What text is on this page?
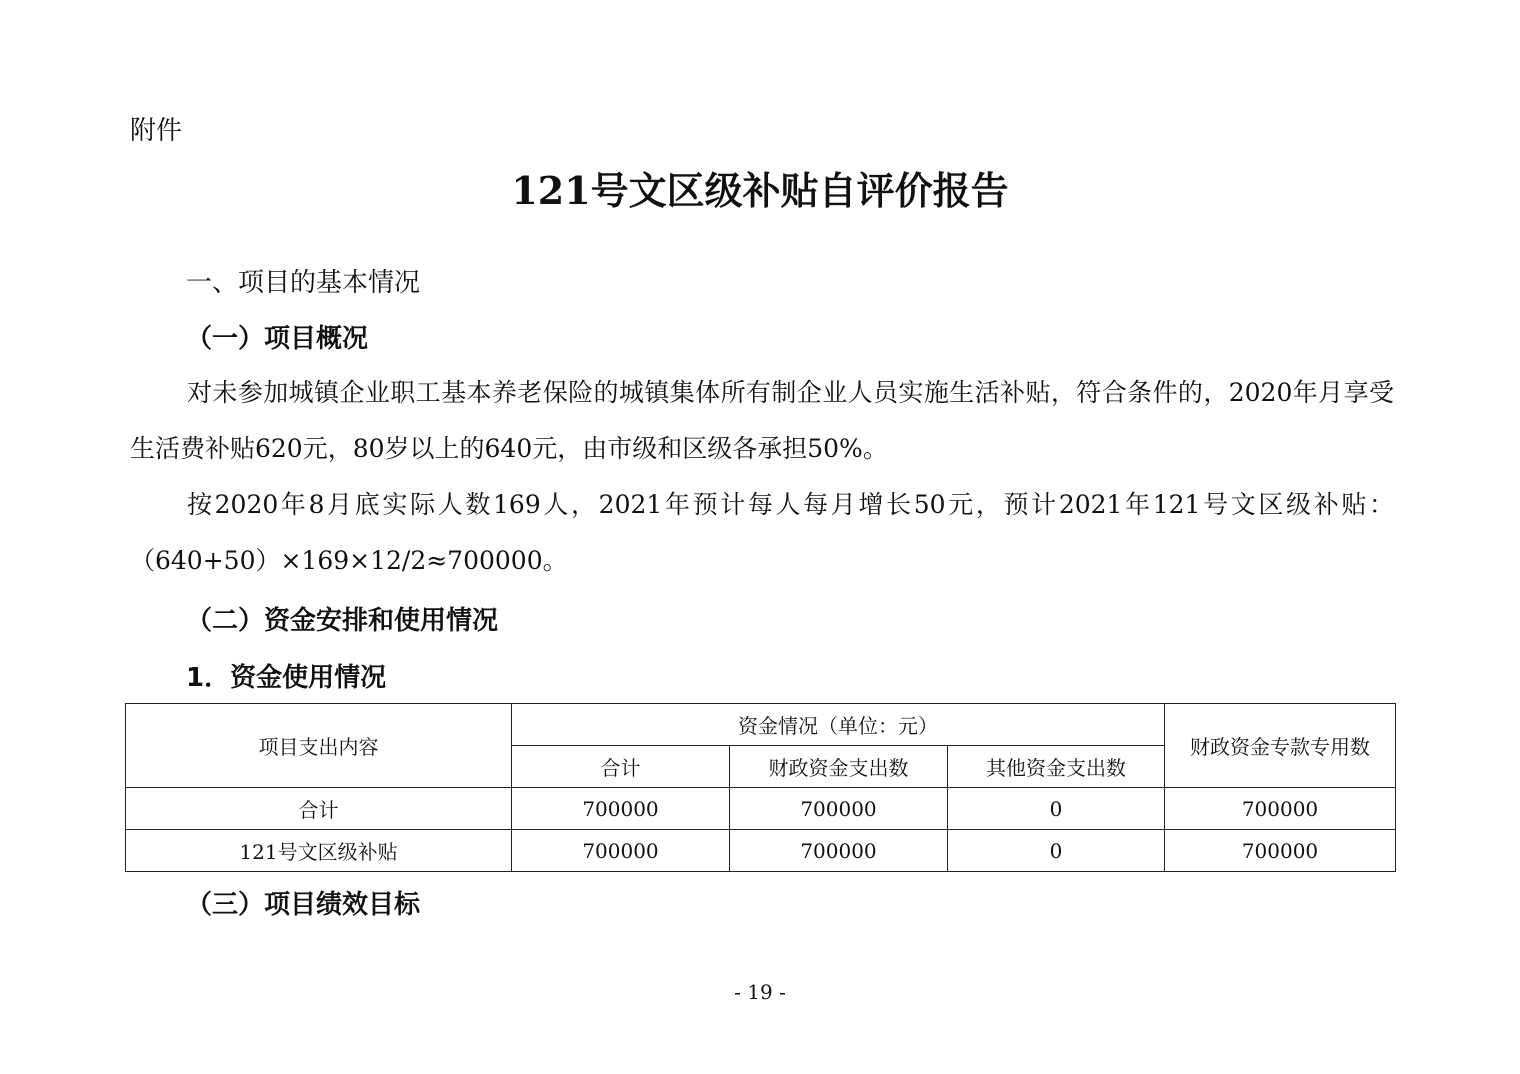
附件
121号文区级补贴自评价报告
一、项目的基本情况
（一）项目概况
对未参加城镇企业职工基本养老保险的城镇集体所有制企业人员实施生活补贴，符合条件的，2020年月享受生活费补贴620元，80岁以上的640元，由市级和区级各承担50%。
按2020年8月底实际人数169人，2021年预计每人每月增长50元，预计2021年121号文区级补贴：（640+50）×169×12/2≈700000。
（二）资金安排和使用情况
1．资金使用情况
项目支出内容	资金情况（单位：元）			财政资金专款专用数
	合计	财政资金支出数	其他资金支出数	
合计	700000	700000	0	700000
121号文区级补贴	700000	700000	0	700000
（三）项目绩效目标
- 19 -
